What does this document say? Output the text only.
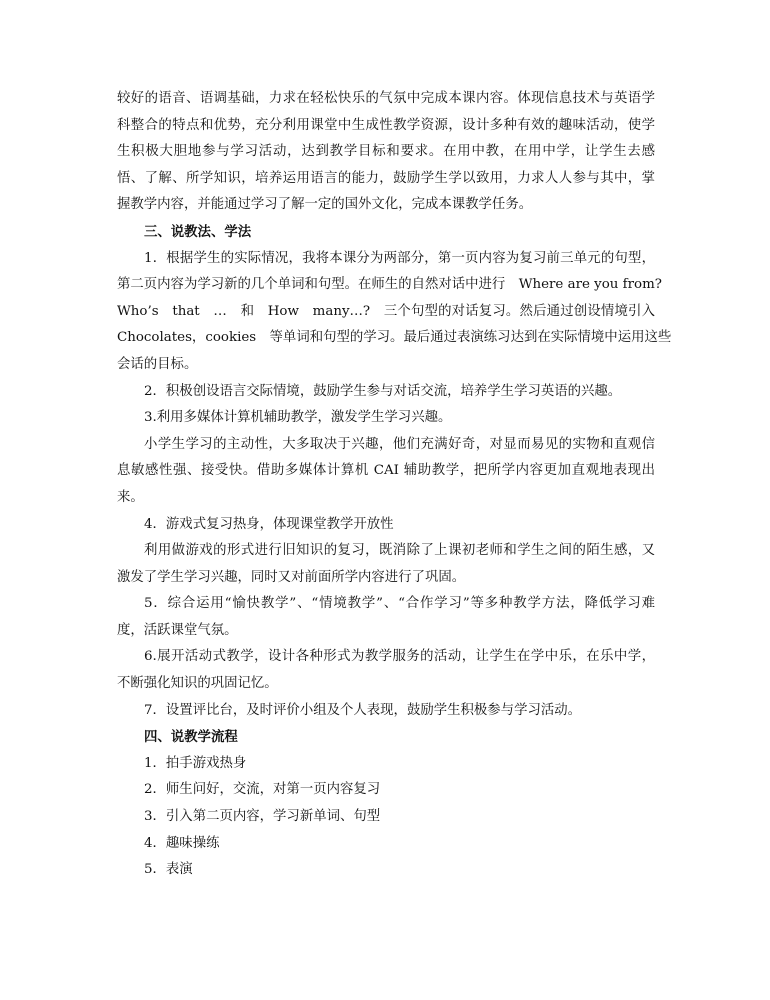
较好的语音、语调基础，力求在轻松快乐的气氛中完成本课内容。体现信息技术与英语学
科整合的特点和优势，充分利用课堂中生成性教学资源，设计多种有效的趣味活动，使学
生积极大胆地参与学习活动，达到教学目标和要求。在用中教，在用中学，让学生去感
悟、了解、所学知识，培养运用语言的能力，鼓励学生学以致用，力求人人参与其中，掌
握教学内容，并能通过学习了解一定的国外文化，完成本课教学任务。
三、说教法、学法
1．根据学生的实际情况，我将本课分为两部分，第一页内容为复习前三单元的句型，
第二页内容为学习新的几个单词和句型。在师生的自然对话中进行　Where are you from?
Who’s　that　…　和　How　many…?　三个句型的对话复习。然后通过创设情境引入
Chocolates，cookies　等单词和句型的学习。最后通过表演练习达到在实际情境中运用这些
会话的目标。
2．积极创设语言交际情境，鼓励学生参与对话交流，培养学生学习英语的兴趣。
3.利用多媒体计算机辅助教学，激发学生学习兴趣。
小学生学习的主动性，大多取决于兴趣，他们充满好奇，对显而易见的实物和直观信
息敏感性强、接受快。借助多媒体计算机 CAI 辅助教学，把所学内容更加直观地表现出
来。
4．游戏式复习热身，体现课堂教学开放性
利用做游戏的形式进行旧知识的复习，既消除了上课初老师和学生之间的陌生感，又
激发了学生学习兴趣，同时又对前面所学内容进行了巩固。
5．综合运用“愉快教学”、“情境教学”、“合作学习”等多种教学方法，降低学习难
度，活跃课堂气氛。
6.展开活动式教学，设计各种形式为教学服务的活动，让学生在学中乐，在乐中学，
不断强化知识的巩固记忆。
7．设置评比台，及时评价小组及个人表现，鼓励学生积极参与学习活动。
四、说教学流程
1．拍手游戏热身
2．师生问好，交流，对第一页内容复习
3．引入第二页内容，学习新单词、句型
4．趣味操练
5．表演
